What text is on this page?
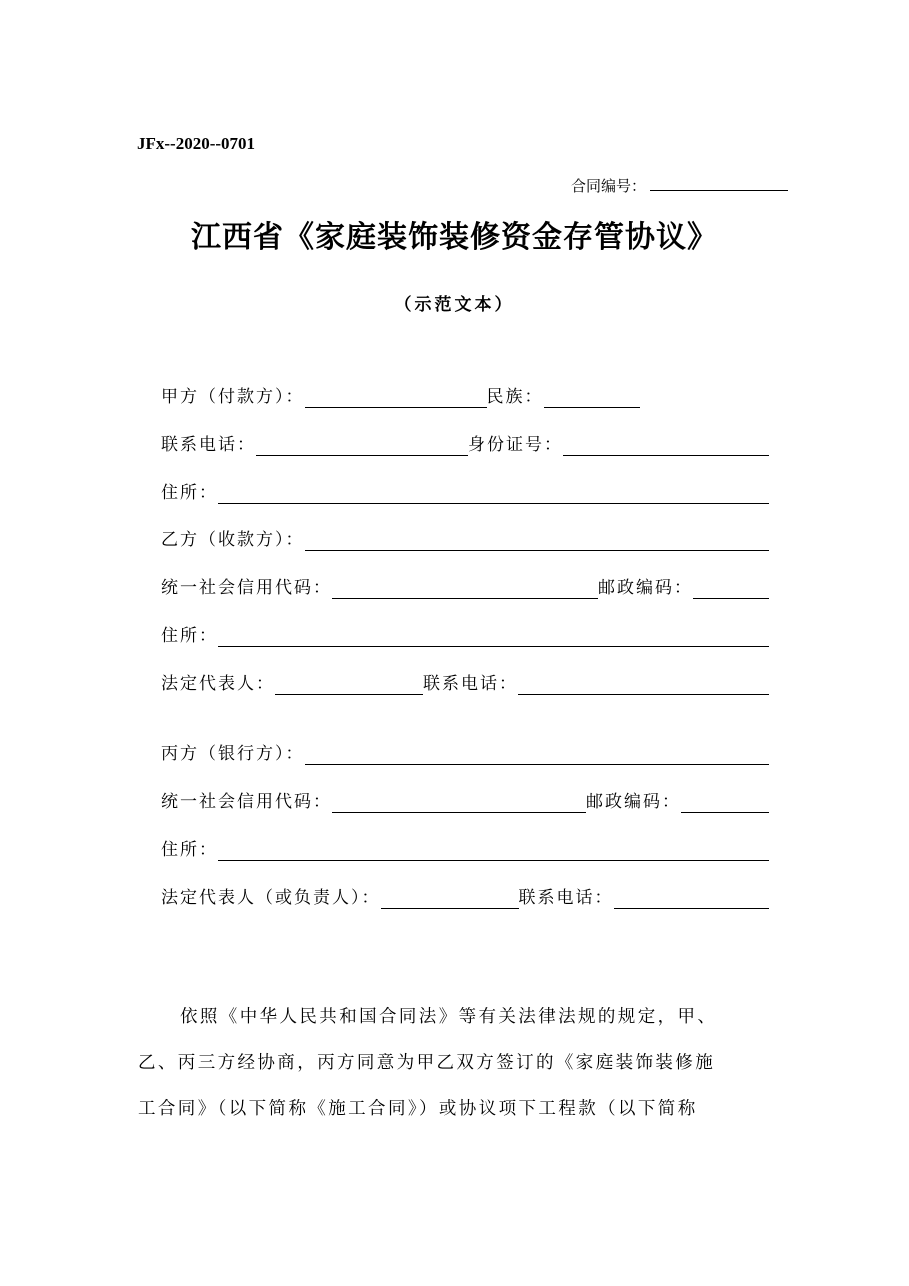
JFx--2020--0701
合同编号：
江西省《家庭装饰装修资金存管协议》
（示范文本）
甲方（付款方）：	民族：
联系电话：	身份证号：
住所：
乙方（收款方）：
统一社会信用代码：	邮政编码：
住所：
法定代表人：	联系电话：
丙方（银行方）：
统一社会信用代码：	邮政编码：
住所：
法定代表人（或负责人）：	联系电话：
依照《中华人民共和国合同法》等有关法律法规的规定，甲、
乙、丙三方经协商，丙方同意为甲乙双方签订的《家庭装饰装修施
工合同》（以下简称《施工合同》）或协议项下工程款（以下简称
